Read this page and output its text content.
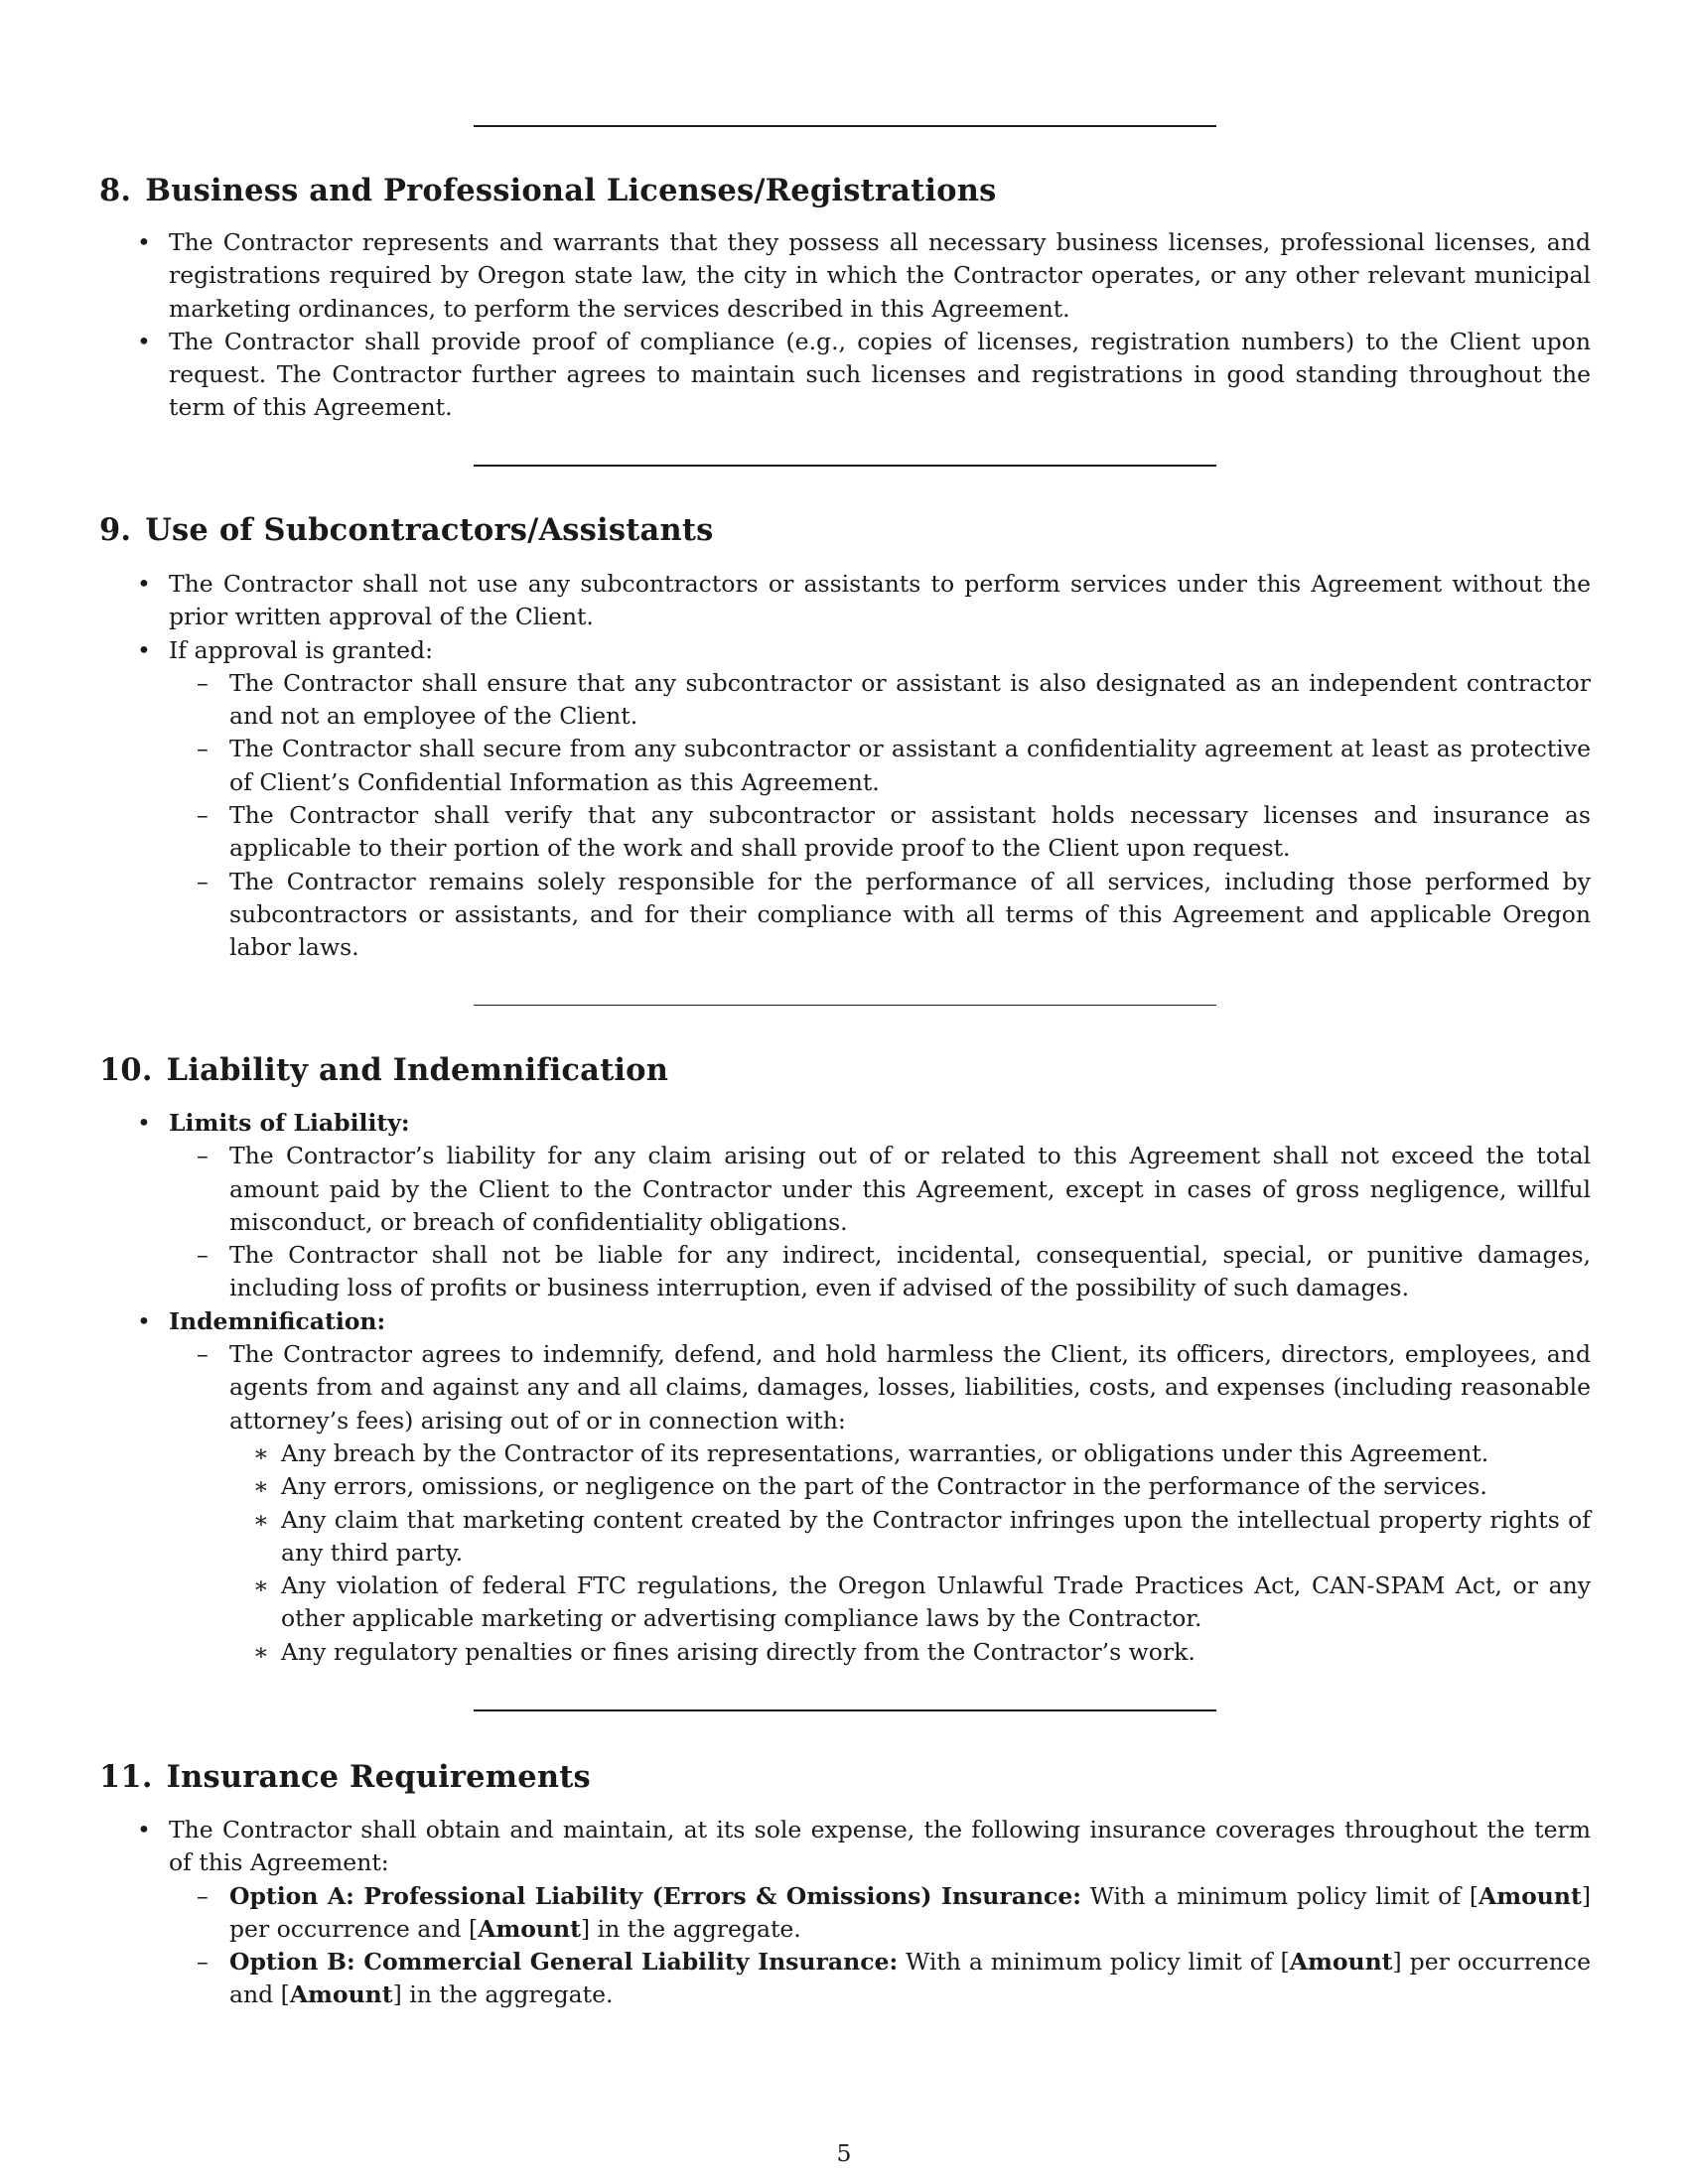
8. Business and Professional Licenses/Registrations
• The Contractor represents and warrants that they possess all necessary business licenses, professional licenses, and registrations required by Oregon state law, the city in which the Contractor operates, or any other relevant municipal marketing ordinances, to perform the services described in this Agreement.
• The Contractor shall provide proof of compliance (e.g., copies of licenses, registration numbers) to the Client upon request. The Contractor further agrees to maintain such licenses and registrations in good standing throughout the term of this Agreement.
9. Use of Subcontractors/Assistants
• The Contractor shall not use any subcontractors or assistants to perform services under this Agreement without the prior written approval of the Client.
• If approval is granted:
– The Contractor shall ensure that any subcontractor or assistant is also designated as an independent contractor and not an employee of the Client.
– The Contractor shall secure from any subcontractor or assistant a confidentiality agreement at least as protective of Client’s Confidential Information as this Agreement.
– The Contractor shall verify that any subcontractor or assistant holds necessary licenses and insurance as applicable to their portion of the work and shall provide proof to the Client upon request.
– The Contractor remains solely responsible for the performance of all services, including those performed by subcontractors or assistants, and for their compliance with all terms of this Agreement and applicable Oregon labor laws.
10. Liability and Indemnification
• Limits of Liability:
– The Contractor’s liability for any claim arising out of or related to this Agreement shall not exceed the total amount paid by the Client to the Contractor under this Agreement, except in cases of gross negligence, willful misconduct, or breach of confidentiality obligations.
– The Contractor shall not be liable for any indirect, incidental, consequential, special, or punitive damages, including loss of profits or business interruption, even if advised of the possibility of such damages.
• Indemnification:
– The Contractor agrees to indemnify, defend, and hold harmless the Client, its officers, directors, employees, and agents from and against any and all claims, damages, losses, liabilities, costs, and expenses (including reasonable attorney’s fees) arising out of or in connection with:
∗ Any breach by the Contractor of its representations, warranties, or obligations under this Agreement.
∗ Any errors, omissions, or negligence on the part of the Contractor in the performance of the services.
∗ Any claim that marketing content created by the Contractor infringes upon the intellectual property rights of any third party.
∗ Any violation of federal FTC regulations, the Oregon Unlawful Trade Practices Act, CAN-SPAM Act, or any other applicable marketing or advertising compliance laws by the Contractor.
∗ Any regulatory penalties or fines arising directly from the Contractor’s work.
11. Insurance Requirements
• The Contractor shall obtain and maintain, at its sole expense, the following insurance coverages throughout the term of this Agreement:
– Option A: Professional Liability (Errors & Omissions) Insurance: With a minimum policy limit of [Amount] per occurrence and [Amount] in the aggregate.
– Option B: Commercial General Liability Insurance: With a minimum policy limit of [Amount] per occurrence and [Amount] in the aggregate.
5
